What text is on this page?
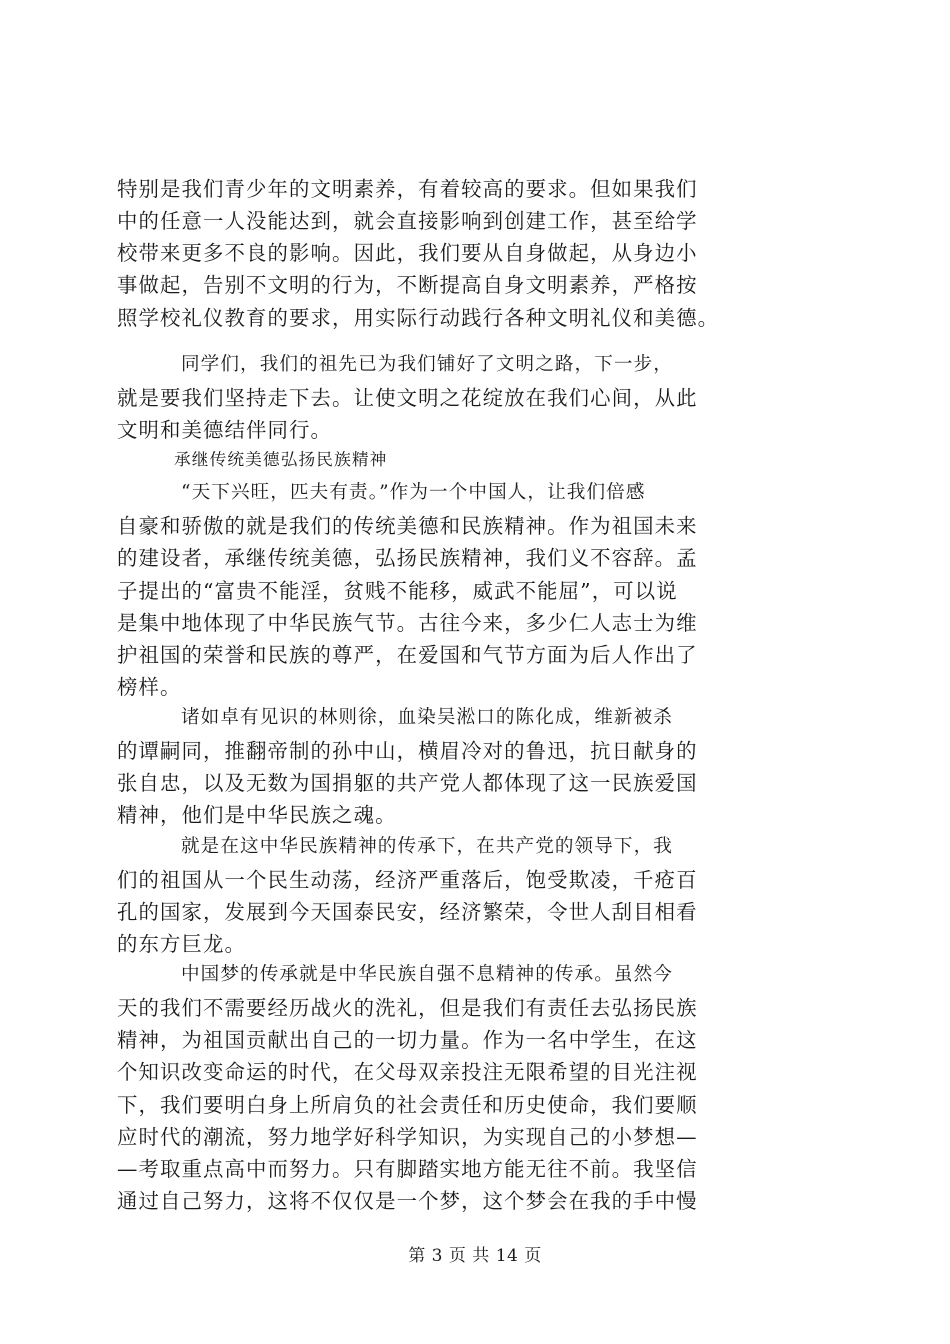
特别是我们青少年的文明素养，有着较高的要求。但如果我们
中的任意一人没能达到，就会直接影响到创建工作，甚至给学
校带来更多不良的影响。因此，我们要从自身做起，从身边小
事做起，告别不文明的行为，不断提高自身文明素养，严格按
照学校礼仪教育的要求，用实际行动践行各种文明礼仪和美德。
同学们，我们的祖先已为我们铺好了文明之路，下一步，
就是要我们坚持走下去。让使文明之花绽放在我们心间，从此
文明和美德结伴同行。
承继传统美德弘扬民族精神
“天下兴旺，匹夫有责。”作为一个中国人，让我们倍感
自豪和骄傲的就是我们的传统美德和民族精神。作为祖国未来
的建设者，承继传统美德，弘扬民族精神，我们义不容辞。孟
子提出的“富贵不能淫，贫贱不能移，威武不能屈”，可以说
是集中地体现了中华民族气节。古往今来，多少仁人志士为维
护祖国的荣誉和民族的尊严，在爱国和气节方面为后人作出了
榜样。
诸如卓有见识的林则徐，血染吴淞口的陈化成，维新被杀
的谭嗣同，推翻帝制的孙中山，横眉冷对的鲁迅，抗日献身的
张自忠，以及无数为国捐躯的共产党人都体现了这一民族爱国
精神，他们是中华民族之魂。
就是在这中华民族精神的传承下，在共产党的领导下，我
们的祖国从一个民生动荡，经济严重落后，饱受欺凌，千疮百
孔的国家，发展到今天国泰民安，经济繁荣，令世人刮目相看
的东方巨龙。
中国梦的传承就是中华民族自强不息精神的传承。虽然今
天的我们不需要经历战火的洗礼，但是我们有责任去弘扬民族
精神，为祖国贡献出自己的一切力量。作为一名中学生，在这
个知识改变命运的时代，在父母双亲投注无限希望的目光注视
下，我们要明白身上所肩负的社会责任和历史使命，我们要顺
应时代的潮流，努力地学好科学知识，为实现自己的小梦想—
—考取重点高中而努力。只有脚踏实地方能无往不前。我坚信
通过自己努力，这将不仅仅是一个梦，这个梦会在我的手中慢
第 3 页 共 14 页
